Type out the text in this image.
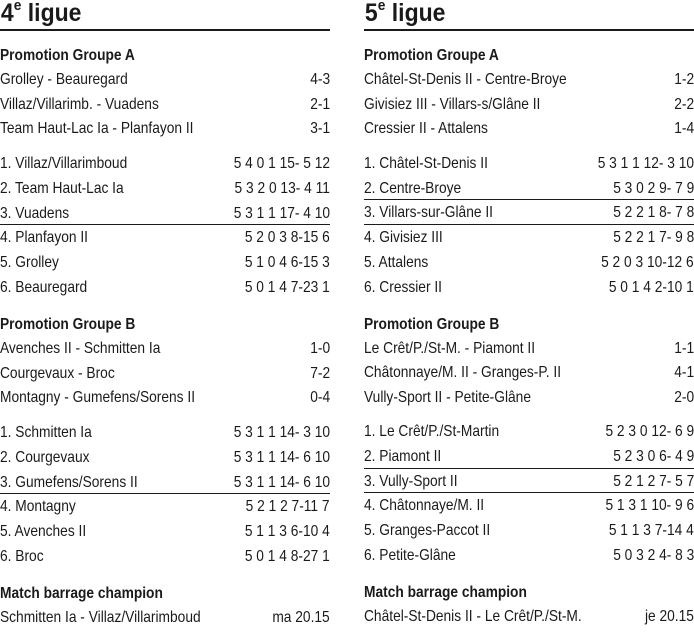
4e ligue
Promotion Groupe A
Grolley - Beauregard	4-3
Villaz/Villarimb. - Vuadens	2-1
Team Haut-Lac Ia - Planfayon II	3-1
1. Villaz/Villarimboud	5 4 0 1 15- 5 12
2. Team Haut-Lac Ia	5 3 2 0 13- 4 11
3. Vuadens	5 3 1 1 17- 4 10
4. Planfayon II	5 2 0 3 8-15 6
5. Grolley	5 1 0 4 6-15 3
6. Beauregard	5 0 1 4 7-23 1
Promotion Groupe B
Avenches II - Schmitten Ia	1-0
Courgevaux - Broc	7-2
Montagny - Gumefens/Sorens II	0-4
1. Schmitten Ia	5 3 1 1 14- 3 10
2. Courgevaux	5 3 1 1 14- 6 10
3. Gumefens/Sorens II	5 3 1 1 14- 6 10
4. Montagny	5 2 1 2 7-11 7
5. Avenches II	5 1 1 3 6-10 4
6. Broc	5 0 1 4 8-27 1
Match barrage champion
Schmitten Ia - Villaz/Villarimboud	ma 20.15
5e ligue
Promotion Groupe A
Châtel-St-Denis II - Centre-Broye	1-2
Givisiez III - Villars-s/Glâne II	2-2
Cressier II - Attalens	1-4
1. Châtel-St-Denis II	5 3 1 1 12- 3 10
2. Centre-Broye	5 3 0 2 9- 7 9
3. Villars-sur-Glâne II	5 2 2 1 8- 7 8
4. Givisiez III	5 2 2 1 7- 9 8
5. Attalens	5 2 0 3 10-12 6
6. Cressier II	5 0 1 4 2-10 1
Promotion Groupe B
Le Crêt/P./St-M. - Piamont II	1-1
Châtonnaye/M. II - Granges-P. II	4-1
Vully-Sport II - Petite-Glâne	2-0
1. Le Crêt/P./St-Martin	5 2 3 0 12- 6 9
2. Piamont II	5 2 3 0 6- 4 9
3. Vully-Sport II	5 2 1 2 7- 5 7
4. Châtonnaye/M. II	5 1 3 1 10- 9 6
5. Granges-Paccot II	5 1 1 3 7-14 4
6. Petite-Glâne	5 0 3 2 4- 8 3
Match barrage champion
Châtel-St-Denis II - Le Crêt/P./St-M.	je 20.15
